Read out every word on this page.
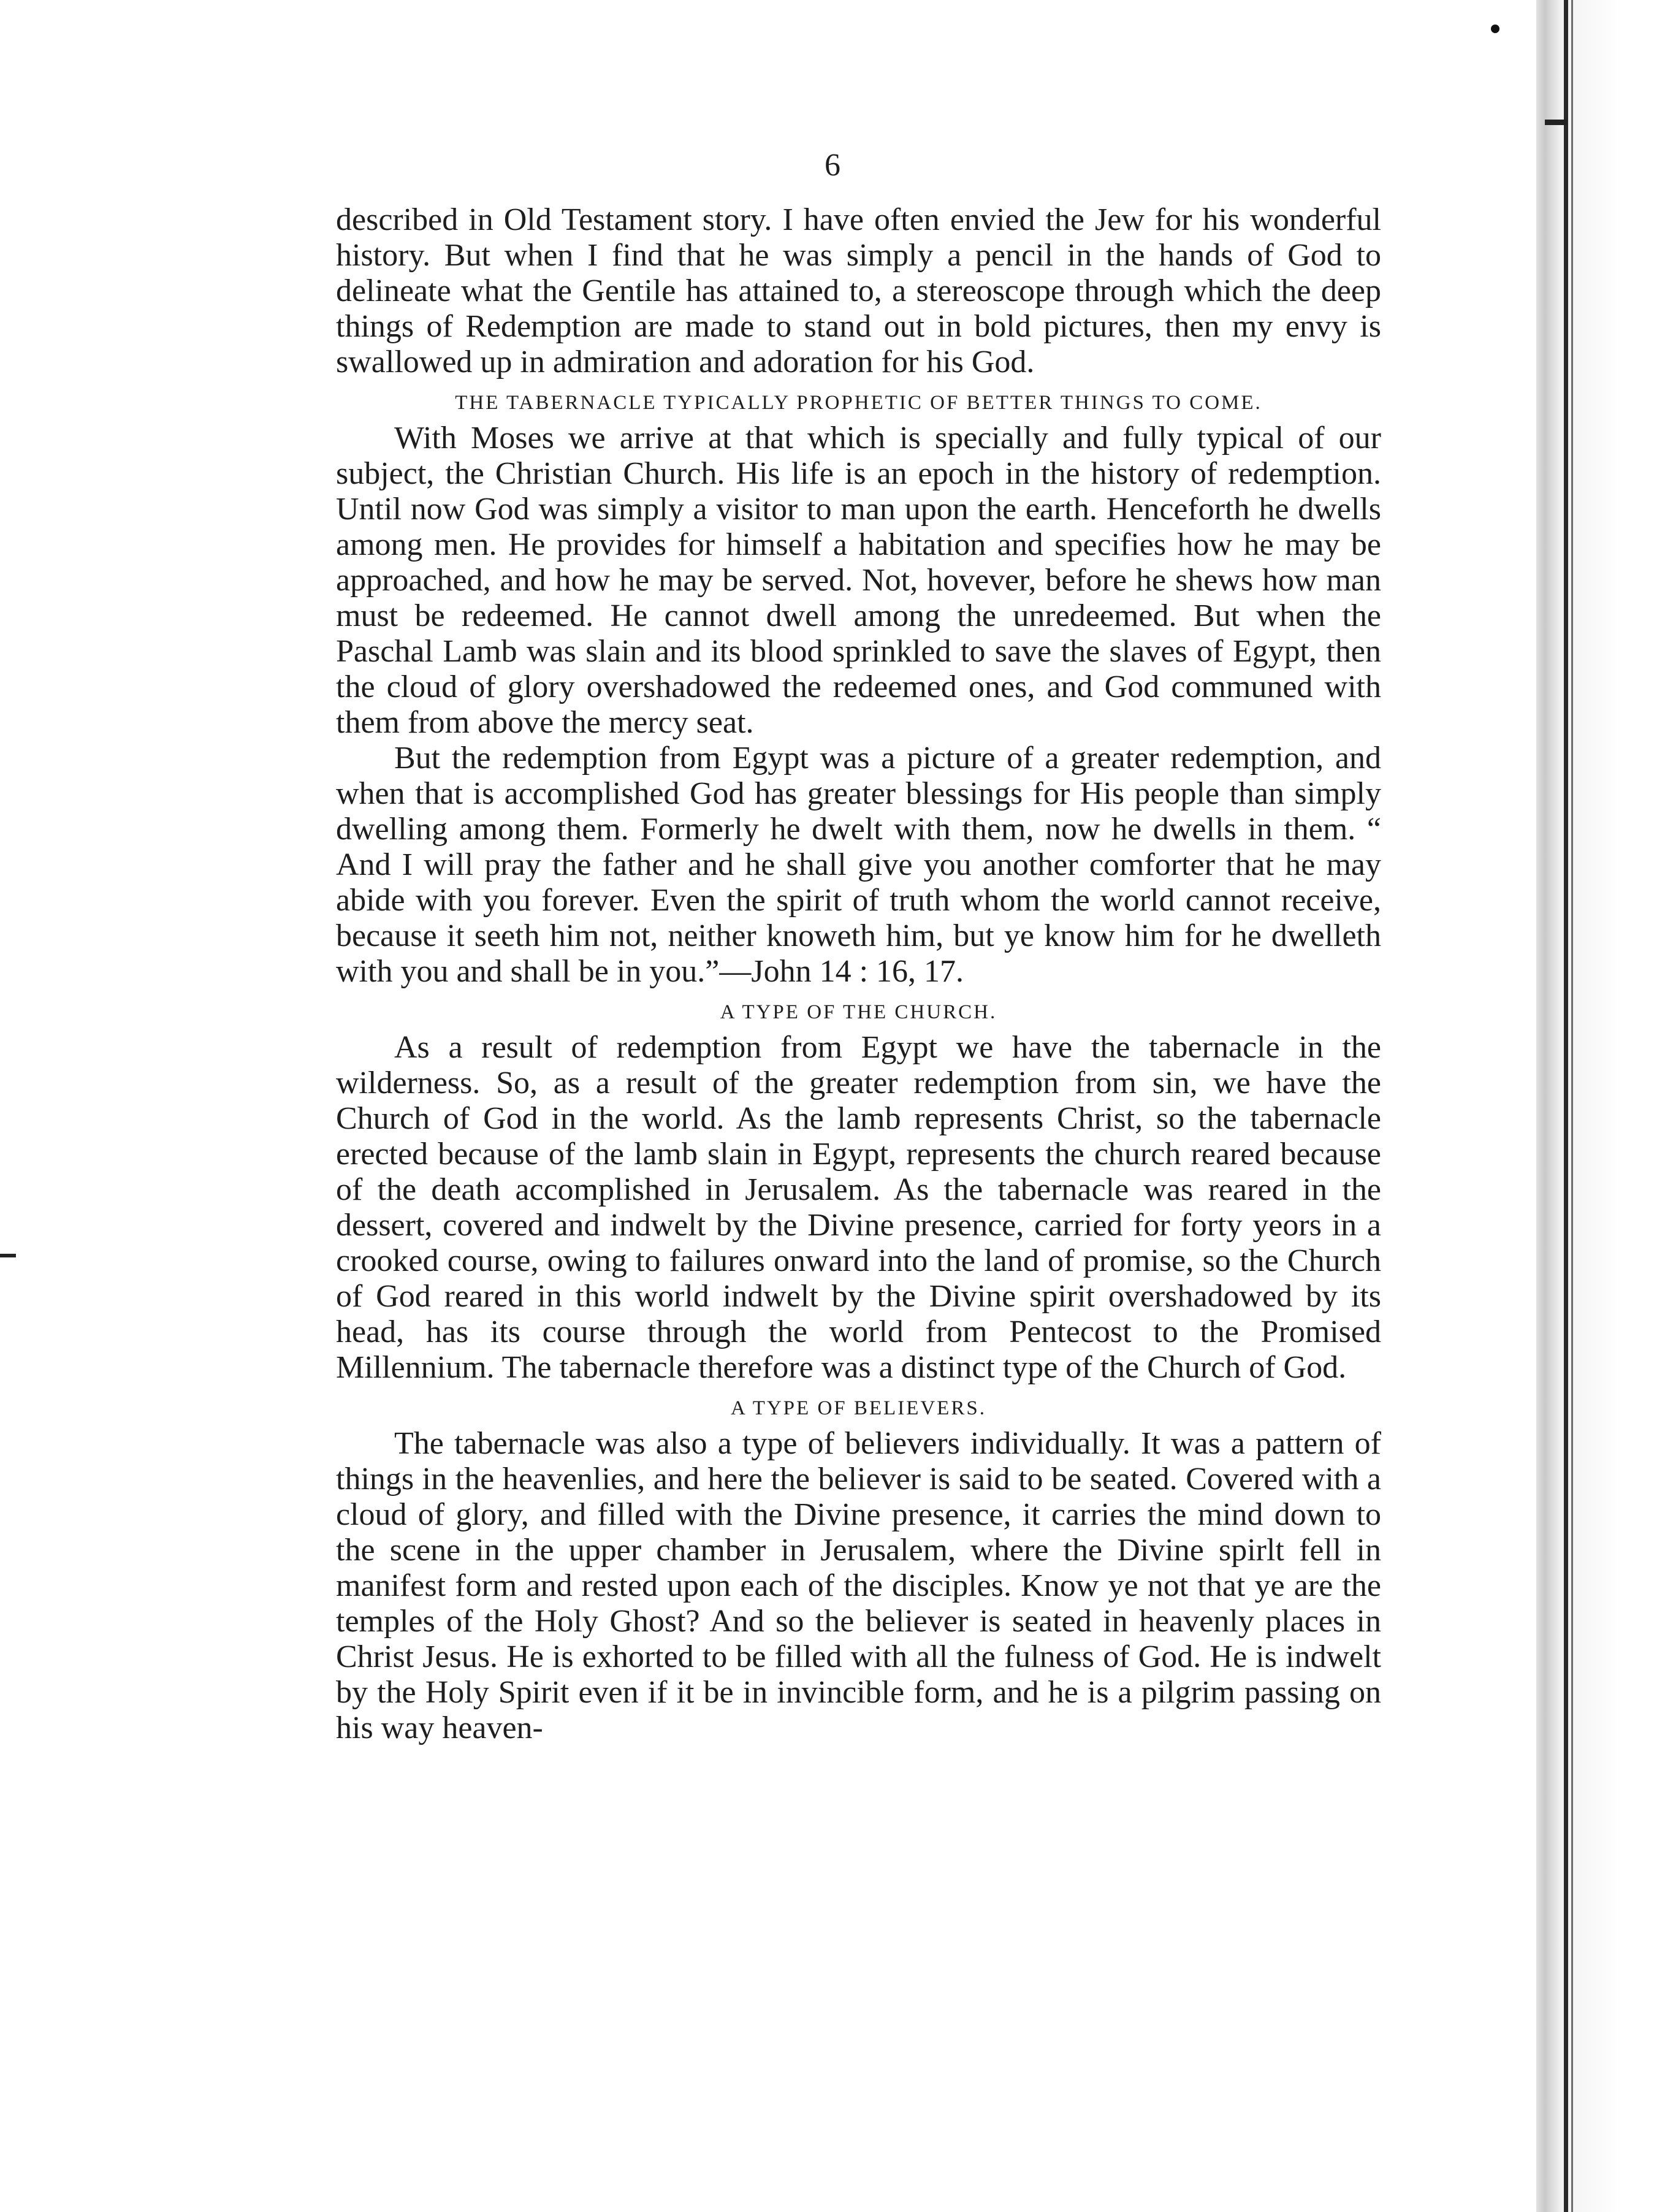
6

described in Old Testament story. I have often envied the Jew for his wonderful history. But when I find that he was simply a pencil in the hands of God to delineate what the Gentile has attained to, a stereoscope through which the deep things of Redemption are made to stand out in bold pictures, then my envy is swallowed up in admiration and adoration for his God.

THE TABERNACLE TYPICALLY PROPHETIC OF BETTER THINGS TO COME.

With Moses we arrive at that which is specially and fully typical of our subject, the Christian Church. His life is an epoch in the history of redemption. Until now God was simply a visitor to man upon the earth. Henceforth he dwells among men. He provides for himself a habitation and specifies how he may be approached, and how he may be served. Not, hovever, before he shews how man must be redeemed. He cannot dwell among the unredeemed. But when the Paschal Lamb was slain and its blood sprinkled to save the slaves of Egypt, then the cloud of glory overshadowed the redeemed ones, and God communed with them from above the mercy seat.

But the redemption from Egypt was a picture of a greater redemption, and when that is accomplished God has greater blessings for His people than simply dwelling among them. Formerly he dwelt with them, now he dwells in them. “ And I will pray the father and he shall give you another comforter that he may abide with you forever. Even the spirit of truth whom the world cannot receive, because it seeth him not, neither knoweth him, but ye know him for he dwelleth with you and shall be in you.”—John 14 : 16, 17.

A TYPE OF THE CHURCH.

As a result of redemption from Egypt we have the tabernacle in the wilderness. So, as a result of the greater redemption from sin, we have the Church of God in the world. As the lamb represents Christ, so the tabernacle erected because of the lamb slain in Egypt, represents the church reared because of the death accomplished in Jerusalem. As the tabernacle was reared in the dessert, covered and indwelt by the Divine presence, carried for forty yeors in a crooked course, owing to failures onward into the land of promise, so the Church of God reared in this world indwelt by the Divine spirit overshadowed by its head, has its course through the world from Pentecost to the Promised Millennium. The tabernacle therefore was a distinct type of the Church of God.

A TYPE OF BELIEVERS.

The tabernacle was also a type of believers individually. It was a pattern of things in the heavenlies, and here the believer is said to be seated. Covered with a cloud of glory, and filled with the Divine presence, it carries the mind down to the scene in the upper chamber in Jerusalem, where the Divine spirlt fell in manifest form and rested upon each of the disciples. Know ye not that ye are the temples of the Holy Ghost? And so the believer is seated in heavenly places in Christ Jesus. He is exhorted to be filled with all the fulness of God. He is indwelt by the Holy Spirit even if it be in invincible form, and he is a pilgrim passing on his way heaven-
